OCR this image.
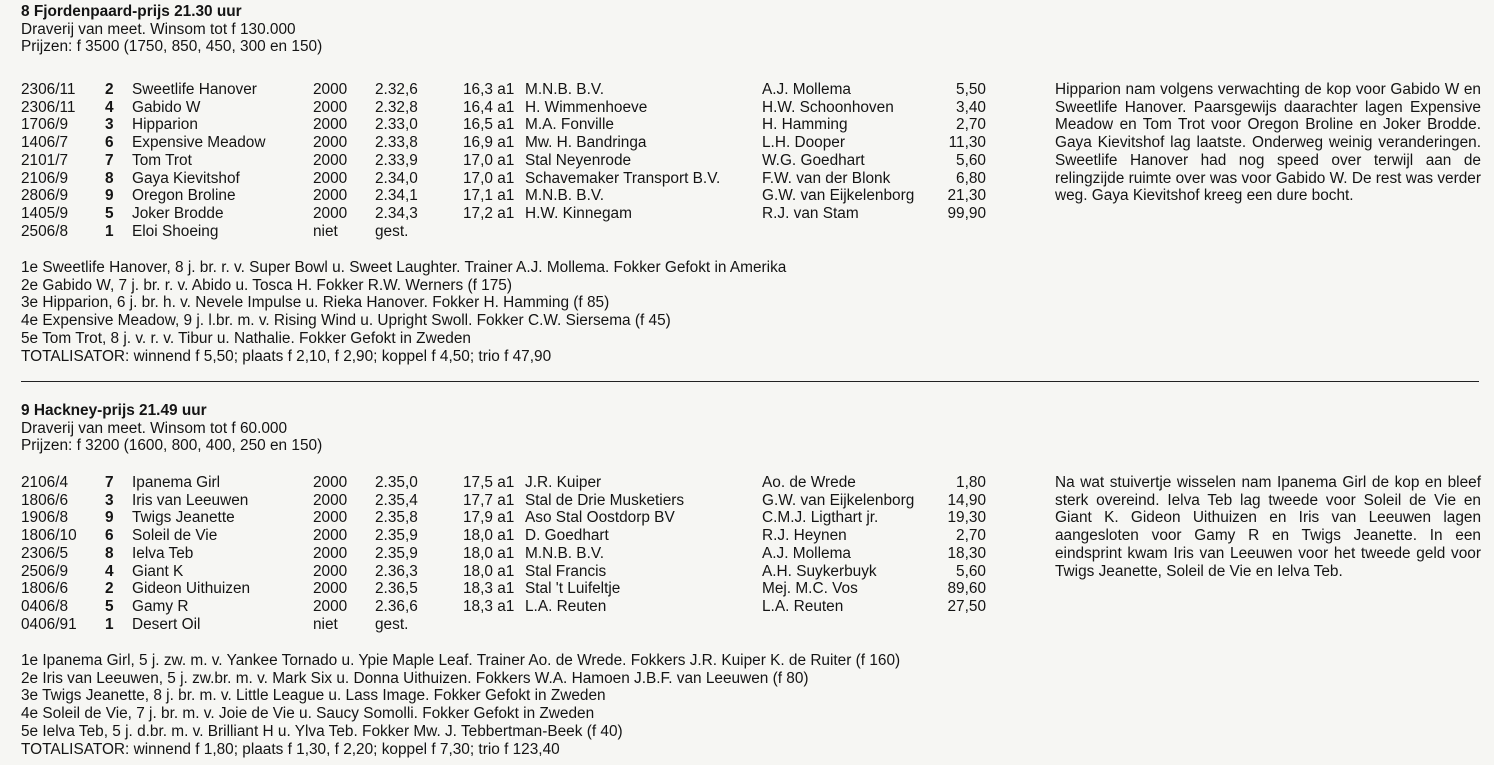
8 Fjordenpaard-prijs 21.30 uur
Draverij van meet. Winsom tot f 130.000
Prijzen: f 3500 (1750, 850, 450, 300 en 150)
2306/11	2	Sweetlife Hanover	2000	2.32,6	16,3 a1	M.N.B. B.V.	A.J. Mollema	5,50
2306/11	4	Gabido W	2000	2.32,8	16,4 a1	H. Wimmenhoeve	H.W. Schoonhoven	3,40
1706/9	3	Hipparion	2000	2.33,0	16,5 a1	M.A. Fonville	H. Hamming	2,70
1406/7	6	Expensive Meadow	2000	2.33,8	16,9 a1	Mw. H. Bandringa	L.H. Dooper	11,30
2101/7	7	Tom Trot	2000	2.33,9	17,0 a1	Stal Neyenrode	W.G. Goedhart	5,60
2106/9	8	Gaya Kievitshof	2000	2.34,0	17,0 a1	Schavemaker Transport B.V.	F.W. van der Blonk	6,80
2806/9	9	Oregon Broline	2000	2.34,1	17,1 a1	M.N.B. B.V.	G.W. van Eijkelenborg	21,30
1405/9	5	Joker Brodde	2000	2.34,3	17,2 a1	H.W. Kinnegam	R.J. van Stam	99,90
2506/8	1	Eloi Shoeing	niet	gest.				
Hipparion nam volgens verwachting de kop voor Gabido W en Sweetlife Hanover. Paarsgewijs daarachter lagen Expensive Meadow en Tom Trot voor Oregon Broline en Joker Brodde. Gaya Kievitshof lag laatste. Onderweg weinig veranderingen. Sweetlife Hanover had nog speed over terwijl aan de relingzijde ruimte over was voor Gabido W. De rest was verder weg. Gaya Kievitshof kreeg een dure bocht.
1e Sweetlife Hanover, 8 j. br. r. v. Super Bowl u. Sweet Laughter. Trainer A.J. Mollema. Fokker Gefokt in Amerika
2e Gabido W, 7 j. br. r. v. Abido u. Tosca H. Fokker R.W. Werners (f 175)
3e Hipparion, 6 j. br. h. v. Nevele Impulse u. Rieka Hanover. Fokker H. Hamming (f 85)
4e Expensive Meadow, 9 j. l.br. m. v. Rising Wind u. Upright Swoll. Fokker C.W. Siersema (f 45)
5e Tom Trot, 8 j. v. r. v. Tibur u. Nathalie. Fokker Gefokt in Zweden
TOTALISATOR: winnend f 5,50; plaats f 2,10, f 2,90; koppel f 4,50; trio f 47,90
9 Hackney-prijs 21.49 uur
Draverij van meet. Winsom tot f 60.000
Prijzen: f 3200 (1600, 800, 400, 250 en 150)
2106/4	7	Ipanema Girl	2000	2.35,0	17,5 a1	J.R. Kuiper	Ao. de Wrede	1,80
1806/6	3	Iris van Leeuwen	2000	2.35,4	17,7 a1	Stal de Drie Musketiers	G.W. van Eijkelenborg	14,90
1906/8	9	Twigs Jeanette	2000	2.35,8	17,9 a1	Aso Stal Oostdorp BV	C.M.J. Ligthart jr.	19,30
1806/10	6	Soleil de Vie	2000	2.35,9	18,0 a1	D. Goedhart	R.J. Heynen	2,70
2306/5	8	Ielva Teb	2000	2.35,9	18,0 a1	M.N.B. B.V.	A.J. Mollema	18,30
2506/9	4	Giant K	2000	2.36,3	18,0 a1	Stal Francis	A.H. Suykerbuyk	5,60
1806/6	2	Gideon Uithuizen	2000	2.36,5	18,3 a1	Stal 't Luifeltje	Mej. M.C. Vos	89,60
0406/8	5	Gamy R	2000	2.36,6	18,3 a1	L.A. Reuten	L.A. Reuten	27,50
0406/91	1	Desert Oil	niet	gest.				
Na wat stuivertje wisselen nam Ipanema Girl de kop en bleef sterk overeind. Ielva Teb lag tweede voor Soleil de Vie en Giant K. Gideon Uithuizen en Iris van Leeuwen lagen aangesloten voor Gamy R en Twigs Jeanette. In een eindsprint kwam Iris van Leeuwen voor het tweede geld voor Twigs Jeanette, Soleil de Vie en Ielva Teb.
1e Ipanema Girl, 5 j. zw. m. v. Yankee Tornado u. Ypie Maple Leaf. Trainer Ao. de Wrede. Fokkers J.R. Kuiper K. de Ruiter (f 160)
2e Iris van Leeuwen, 5 j. zw.br. m. v. Mark Six u. Donna Uithuizen. Fokkers W.A. Hamoen J.B.F. van Leeuwen (f 80)
3e Twigs Jeanette, 8 j. br. m. v. Little League u. Lass Image. Fokker Gefokt in Zweden
4e Soleil de Vie, 7 j. br. m. v. Joie de Vie u. Saucy Somolli. Fokker Gefokt in Zweden
5e Ielva Teb, 5 j. d.br. m. v. Brilliant H u. Ylva Teb. Fokker Mw. J. Tebbertman-Beek (f 40)
TOTALISATOR: winnend f 1,80; plaats f 1,30, f 2,20; koppel f 7,30; trio f 123,40
